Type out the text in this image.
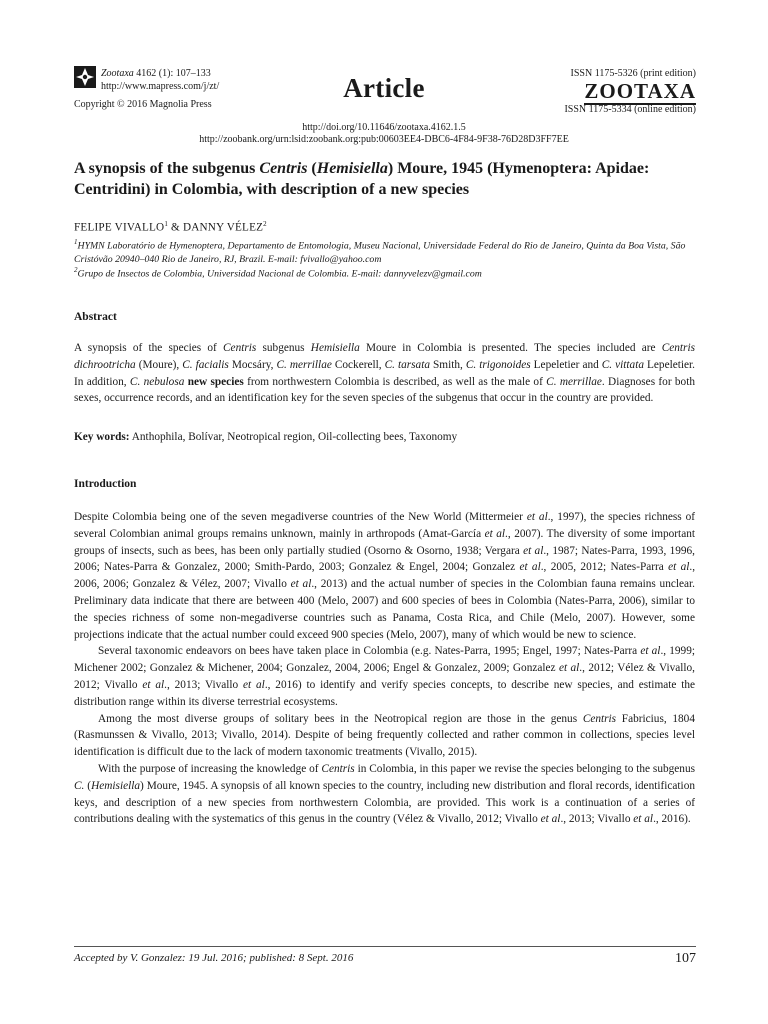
Zootaxa 4162 (1): 107–133
http://www.mapress.com/j/zt/
Copyright © 2016 Magnolia Press
Article	ISSN 1175-5326 (print edition)
ZOOTAXA
ISSN 1175-5334 (online edition)
http://doi.org/10.11646/zootaxa.4162.1.5
http://zoobank.org/urn:lsid:zoobank.org:pub:00603EE4-DBC6-4F84-9F38-76D28D3FF7EE
A synopsis of the subgenus Centris (Hemisiella) Moure, 1945 (Hymenoptera: Apidae: Centridini) in Colombia, with description of a new species
FELIPE VIVALLO$^1$ & DANNY VÉLEZ$^2$
$^1$HYMN Laboratório de Hymenoptera, Departamento de Entomologia, Museu Nacional, Universidade Federal do Rio de Janeiro, Quinta da Boa Vista, São Cristóvão 20940–040 Rio de Janeiro, RJ, Brazil. E-mail: fvivallo@yahoo.com
$^2$Grupo de Insectos de Colombia, Universidad Nacional de Colombia. E-mail: dannyvelezv@gmail.com
Abstract
A synopsis of the species of Centris subgenus Hemisiella Moure in Colombia is presented. The species included are Centris dichrootricha (Moure), C. facialis Mocsáry, C. merrillae Cockerell, C. tarsata Smith, C. trigonoides Lepeletier and C. vittata Lepeletier. In addition, C. nebulosa new species from northwestern Colombia is described, as well as the male of C. merrillae. Diagnoses for both sexes, occurrence records, and an identification key for the seven species of the subgenus that occur in the country are provided.
Key words: Anthophila, Bolívar, Neotropical region, Oil-collecting bees, Taxonomy
Introduction

Despite Colombia being one of the seven megadiverse countries of the New World (Mittermeier et al., 1997), the species richness of several Colombian animal groups remains unknown, mainly in arthropods (Amat-García et al., 2007). The diversity of some important groups of insects, such as bees, has been only partially studied (Osorno & Osorno, 1938; Vergara et al., 1987; Nates-Parra, 1993, 1996, 2006; Nates-Parra & Gonzalez, 2000; Smith-Pardo, 2003; Gonzalez & Engel, 2004; Gonzalez et al., 2005, 2012; Nates-Parra et al., 2006, 2006; Gonzalez & Vélez, 2007; Vivallo et al., 2013) and the actual number of species in the Colombian fauna remains unclear. Preliminary data indicate that there are between 400 (Melo, 2007) and 600 species of bees in Colombia (Nates-Parra, 2006), similar to the species richness of some non-megadiverse countries such as Panama, Costa Rica, and Chile (Melo, 2007). However, some projections indicate that the actual number could exceed 900 species (Melo, 2007), many of which would be new to science.

Several taxonomic endeavors on bees have taken place in Colombia (e.g. Nates-Parra, 1995; Engel, 1997; Nates-Parra et al., 1999; Michener 2002; Gonzalez & Michener, 2004; Gonzalez, 2004, 2006; Engel & Gonzalez, 2009; Gonzalez et al., 2012; Vélez & Vivallo, 2012; Vivallo et al., 2013; Vivallo et al., 2016) to identify and verify species concepts, to describe new species, and estimate the distribution range within its diverse terrestrial ecosystems.

Among the most diverse groups of solitary bees in the Neotropical region are those in the genus Centris Fabricius, 1804 (Rasmunssen & Vivallo, 2013; Vivallo, 2014). Despite of being frequently collected and rather common in collections, species level identification is difficult due to the lack of modern taxonomic treatments (Vivallo, 2015).

With the purpose of increasing the knowledge of Centris in Colombia, in this paper we revise the species belonging to the subgenus C. (Hemisiella) Moure, 1945. A synopsis of all known species to the country, including new distribution and floral records, identification keys, and description of a new species from northwestern Colombia, are provided. This work is a continuation of a series of contributions dealing with the systematics of this genus in the country (Vélez & Vivallo, 2012; Vivallo et al., 2013; Vivallo et al., 2016).

Accepted by V. Gonzalez: 19 Jul. 2016; published: 8 Sept. 2016	107
